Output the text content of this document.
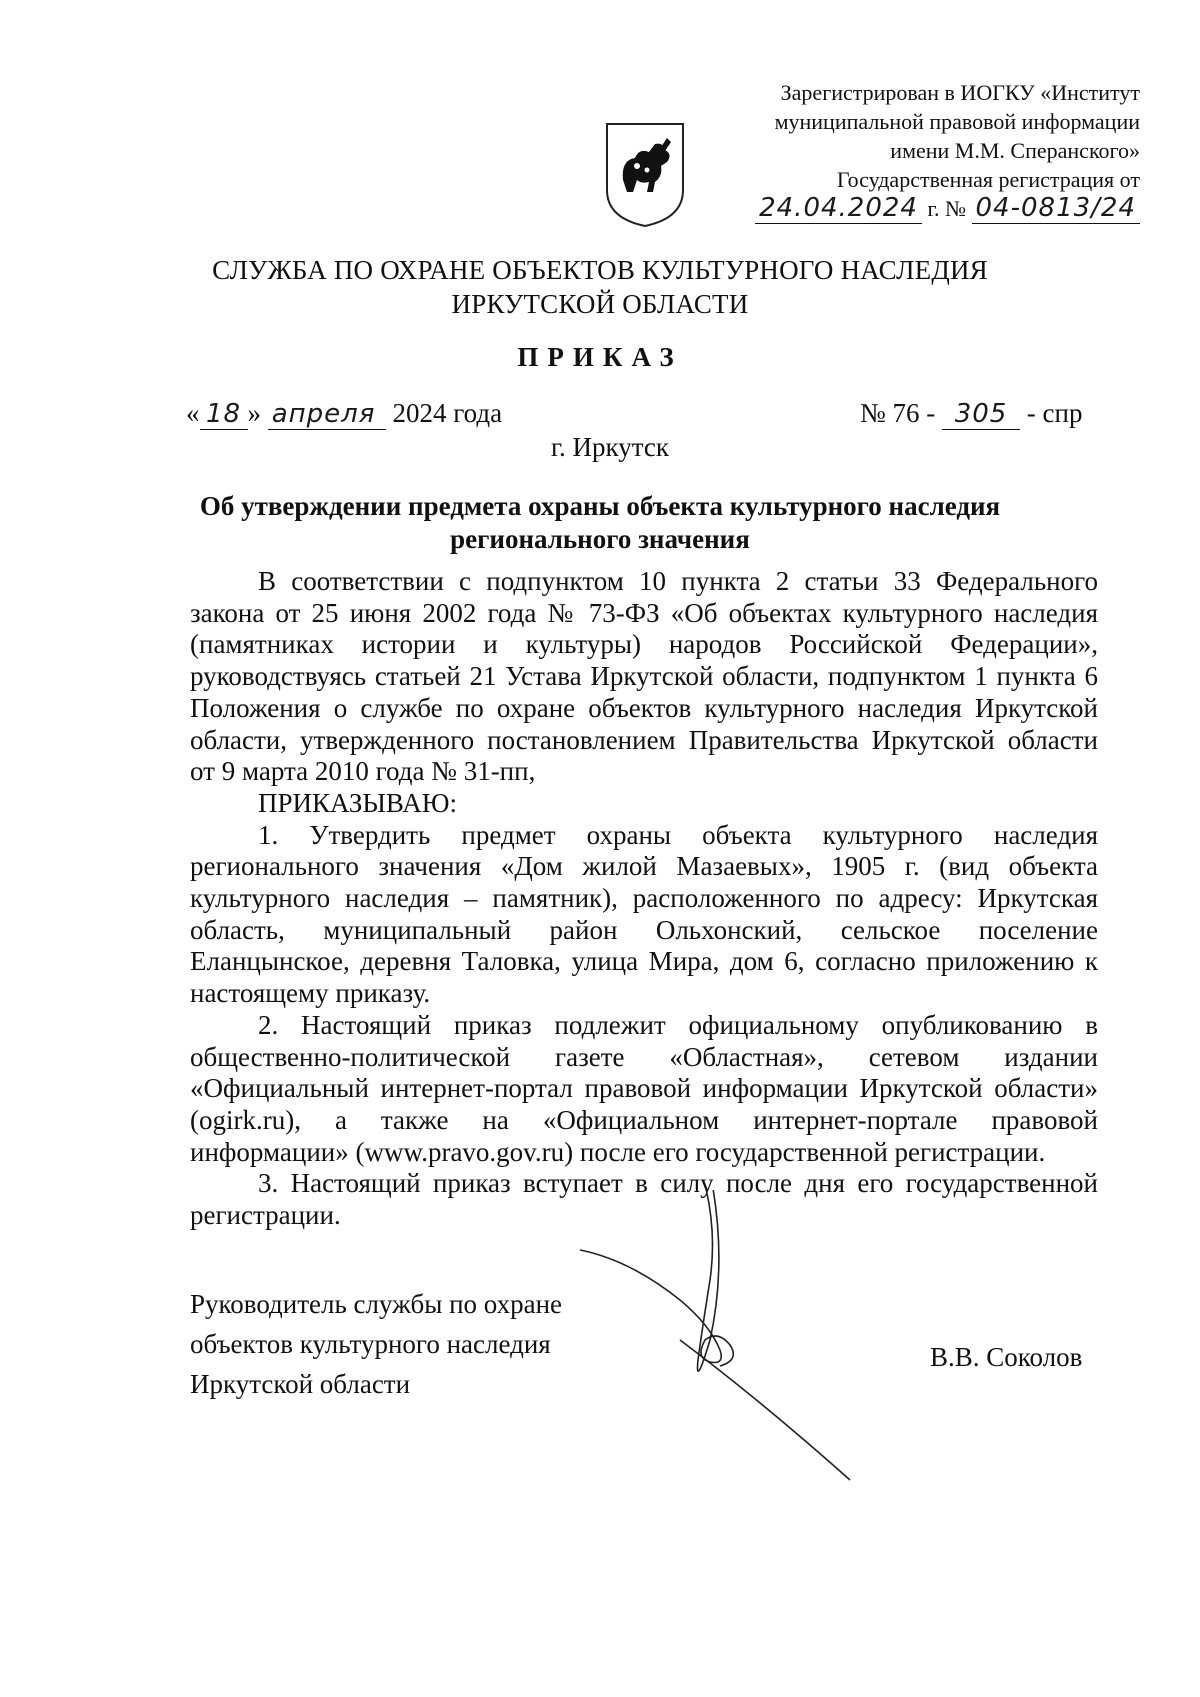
Зарегистрирован в ИОГКУ «Институт
муниципальной правовой информации
имени М.М. Сперанского»
Государственная регистрация от
24.04.2024 г. № 04-0813/24
СЛУЖБА ПО ОХРАНЕ ОБЪЕКТОВ КУЛЬТУРНОГО НАСЛЕДИЯ
ИРКУТСКОЙ ОБЛАСТИ
ПРИКАЗ
« 18 » апреля 2024 года	№ 76 - 305 - спр
г. Иркутск
Об утверждении предмета охраны объекта культурного наследия
регионального значения

В соответствии с подпунктом 10 пункта 2 статьи 33 Федерального закона от 25 июня 2002 года № 73-ФЗ «Об объектах культурного наследия (памятниках истории и культуры) народов Российской Федерации», руководствуясь статьей 21 Устава Иркутской области, подпунктом 1 пункта 6 Положения о службе по охране объектов культурного наследия Иркутской области, утвержденного постановлением Правительства Иркутской области от 9 марта 2010 года № 31-пп,

ПРИКАЗЫВАЮ:

1. Утвердить предмет охраны объекта культурного наследия регионального значения «Дом жилой Мазаевых», 1905 г. (вид объекта культурного наследия – памятник), расположенного по адресу: Иркутская область, муниципальный район Ольхонский, сельское поселение Еланцынское, деревня Таловка, улица Мира, дом 6, согласно приложению к настоящему приказу.

2. Настоящий приказ подлежит официальному опубликованию в общественно-политической газете «Областная», сетевом издании «Официальный интернет-портал правовой информации Иркутской области» (ogirk.ru), а также на «Официальном интернет-портале правовой информации» (www.pravo.gov.ru) после его государственной регистрации.

3. Настоящий приказ вступает в силу после дня его государственной регистрации.

Руководитель службы по охране
объектов культурного наследия
Иркутской области
В.В. Соколов
